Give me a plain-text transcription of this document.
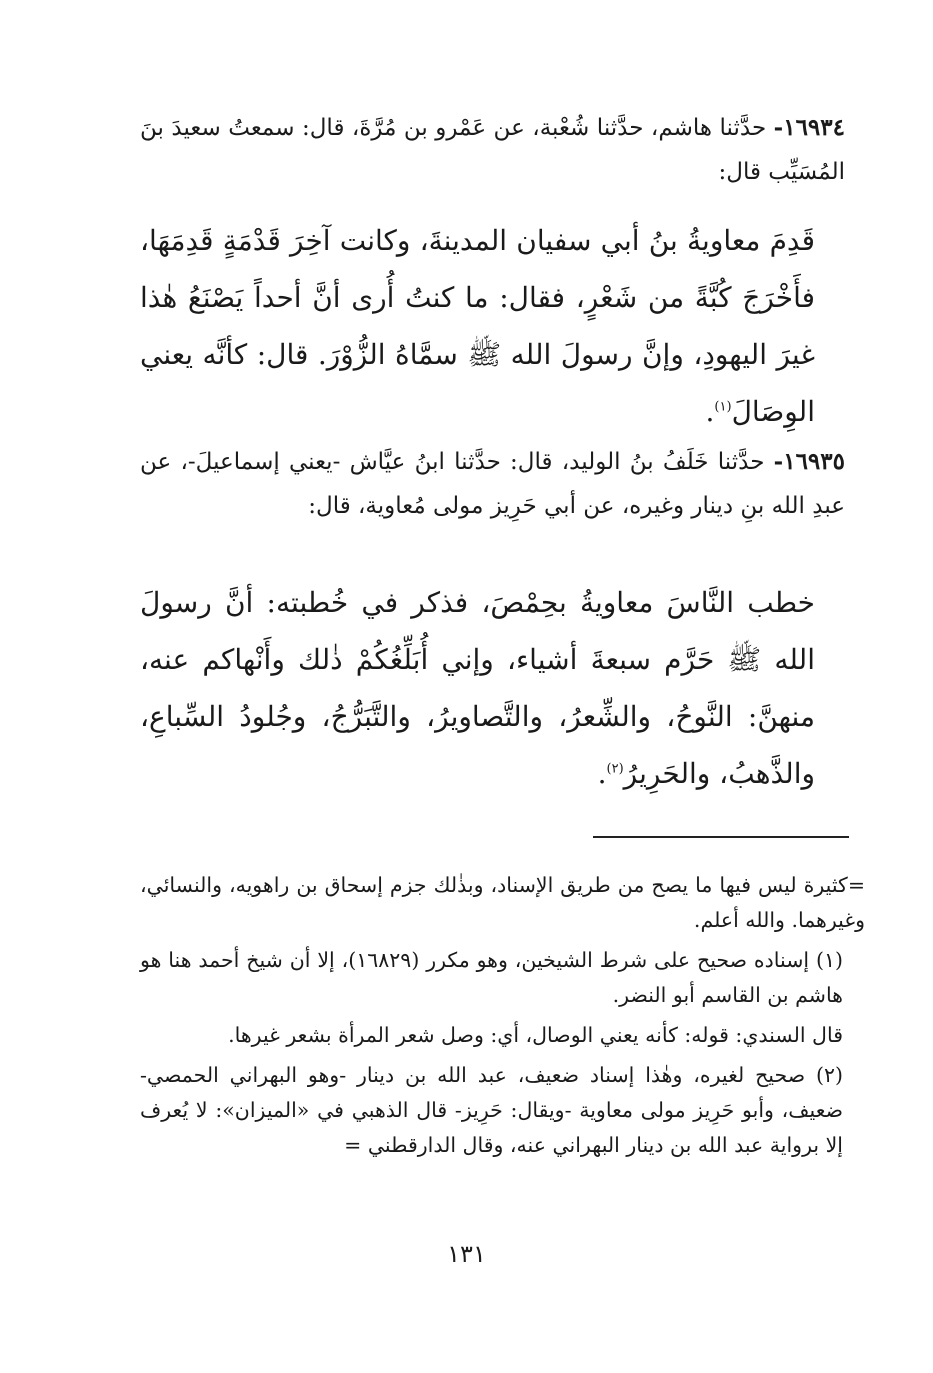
١٦٩٣٤- حدَّثنا هاشم، حدَّثنا شُعْبة، عن عَمْرو بن مُرَّةَ، قال: سمعتُ سعيدَ بنَ المُسَيِّب قال:
قَدِمَ معاويةُ بنُ أبي سفيان المدينةَ، وكانت آخِرَ قَدْمَةٍ قَدِمَهَا، فأَخْرَجَ كُبَّةً من شَعْرٍ، فقال: ما كنتُ أُرى أنَّ أحداً يَصْنَعُ هٰذا غيرَ اليهودِ، وإنَّ رسولَ الله ﷺ سمَّاهُ الزُّوْرَ. قال: كأنَّه يعني الوِصَالَ$^{(١)}$.
١٦٩٣٥- حدَّثنا خَلَفُ بنُ الوليد، قال: حدَّثنا ابنُ عيَّاش -يعني إسماعيلَ-، عن عبدِ الله بنِ دينار وغيره، عن أبي حَرِيز مولى مُعاوية، قال:
خطب النَّاسَ معاويةُ بحِمْصَ، فذكر في خُطبته: أنَّ رسولَ الله ﷺ حَرَّم سبعةَ أشياء، وإني أُبَلِّغُكُمْ ذٰلك وأَنْهاكم عنه، منهنَّ: النَّوحُ، والشِّعرُ، والتَّصاويرُ، والتَّبَرُّجُ، وجُلودُ السِّباعِ، والذَّهبُ، والحَرِيرُ$^{(٢)}$.

=كثيرة ليس فيها ما يصح من طريق الإسناد، وبذٰلك جزم إسحاق بن راهويه، والنسائي، وغيرهما. والله أعلم.

(١) إسناده صحيح على شرط الشيخين، وهو مكرر (١٦٨٢٩)، إلا أن شيخ أحمد هنا هو هاشم بن القاسم أبو النضر.

قال السندي: قوله: كأنه يعني الوصال، أي: وصل شعر المرأة بشعر غيرها.

(٢) صحيح لغيره، وهٰذا إسناد ضعيف، عبد الله بن دينار -وهو البهراني الحمصي- ضعيف، وأبو حَرِيز مولى معاوية -ويقال: حَرِيز- قال الذهبي في «الميزان»: لا يُعرف إلا برواية عبد الله بن دينار البهراني عنه، وقال الدارقطني =

١٣١
